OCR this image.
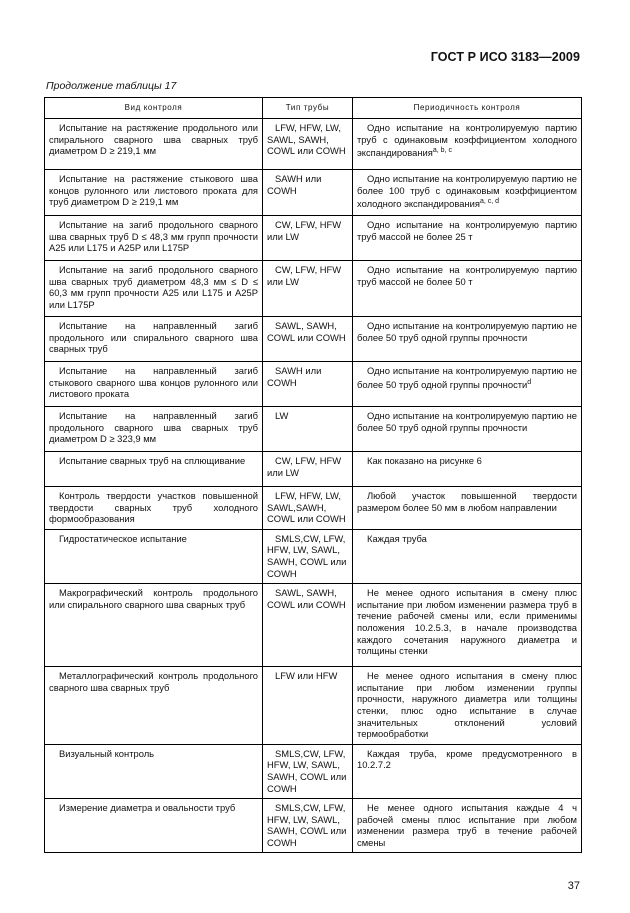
ГОСТ Р ИСО 3183—2009
Продолжение таблицы 17
Вид контроля	Тип трубы	Периодичность контроля
Испытание на растяжение продольного или спирального сварного шва сварных труб диаметром D ≥ 219,1 мм	LFW, HFW, LW, SAWL, SAWH, COWL или COWH	Одно испытание на контролируемую партию труб с одинаковым коэффициентом холодного экспандирования$^{a, b, c}$
Испытание на растяжение стыкового шва концов рулонного или листового проката для труб диаметром D ≥ 219,1 мм	SAWH или COWH	Одно испытание на контролируемую партию не более 100 труб с одинаковым коэффициентом холодного экспандирования$^{a, c, d}$
Испытание на загиб продольного сварного шва сварных труб D ≤ 48,3 мм групп прочности A25 или L175 и A25P или L175P	CW, LFW, HFW или LW	Одно испытание на контролируемую партию труб массой не более 25 т
Испытание на загиб продольного сварного шва сварных труб диаметром 48,3 мм ≤ D ≤ 60,3 мм групп прочности A25 или L175 и A25P или L175P	CW, LFW, HFW или LW	Одно испытание на контролируемую партию труб массой не более 50 т
Испытание на направленный загиб продольного или спирального сварного шва сварных труб	SAWL, SAWH, COWL или COWH	Одно испытание на контролируемую партию не более 50 труб одной группы прочности
Испытание на направленный загиб стыкового сварного шва концов рулонного или листового проката	SAWH или COWH	Одно испытание на контролируемую партию не более 50 труб одной группы прочности$^d$
Испытание на направленный загиб продольного сварного шва сварных труб диаметром D ≥ 323,9 мм	LW	Одно испытание на контролируемую партию не более 50 труб одной группы прочности
Испытание сварных труб на сплющивание	CW, LFW, HFW или LW	Как показано на рисунке 6
Контроль твердости участков повышенной твердости сварных труб холодного формообразования	LFW, HFW, LW, SAWL,SAWH, COWL или COWH	Любой участок повышенной твердости размером более 50 мм в любом направлении
Гидростатическое испытание	SMLS,CW, LFW, HFW, LW, SAWL, SAWH, COWL или COWH	Каждая труба
Макрографический контроль продольного или спирального сварного шва сварных труб	SAWL, SAWH, COWL или COWH	Не менее одного испытания в смену плюс испытание при любом изменении размера труб в течение рабочей смены или, если применимы положения 10.2.5.3, в начале производства каждого сочетания наружного диаметра и толщины стенки
Металлографический контроль продольного сварного шва сварных труб	LFW или HFW	Не менее одного испытания в смену плюс испытание при любом изменении группы прочности, наружного диаметра или толщины стенки, плюс одно испытание в случае значительных отклонений условий термообработки
Визуальный контроль	SMLS,CW, LFW, HFW, LW, SAWL, SAWH, COWL или COWH	Каждая труба, кроме предусмотренного в 10.2.7.2
Измерение диаметра и овальности труб	SMLS,CW, LFW, HFW, LW, SAWL, SAWH, COWL или COWH	Не менее одного испытания каждые 4 ч рабочей смены плюс испытание при любом изменении размера труб в течение рабочей смены
37
